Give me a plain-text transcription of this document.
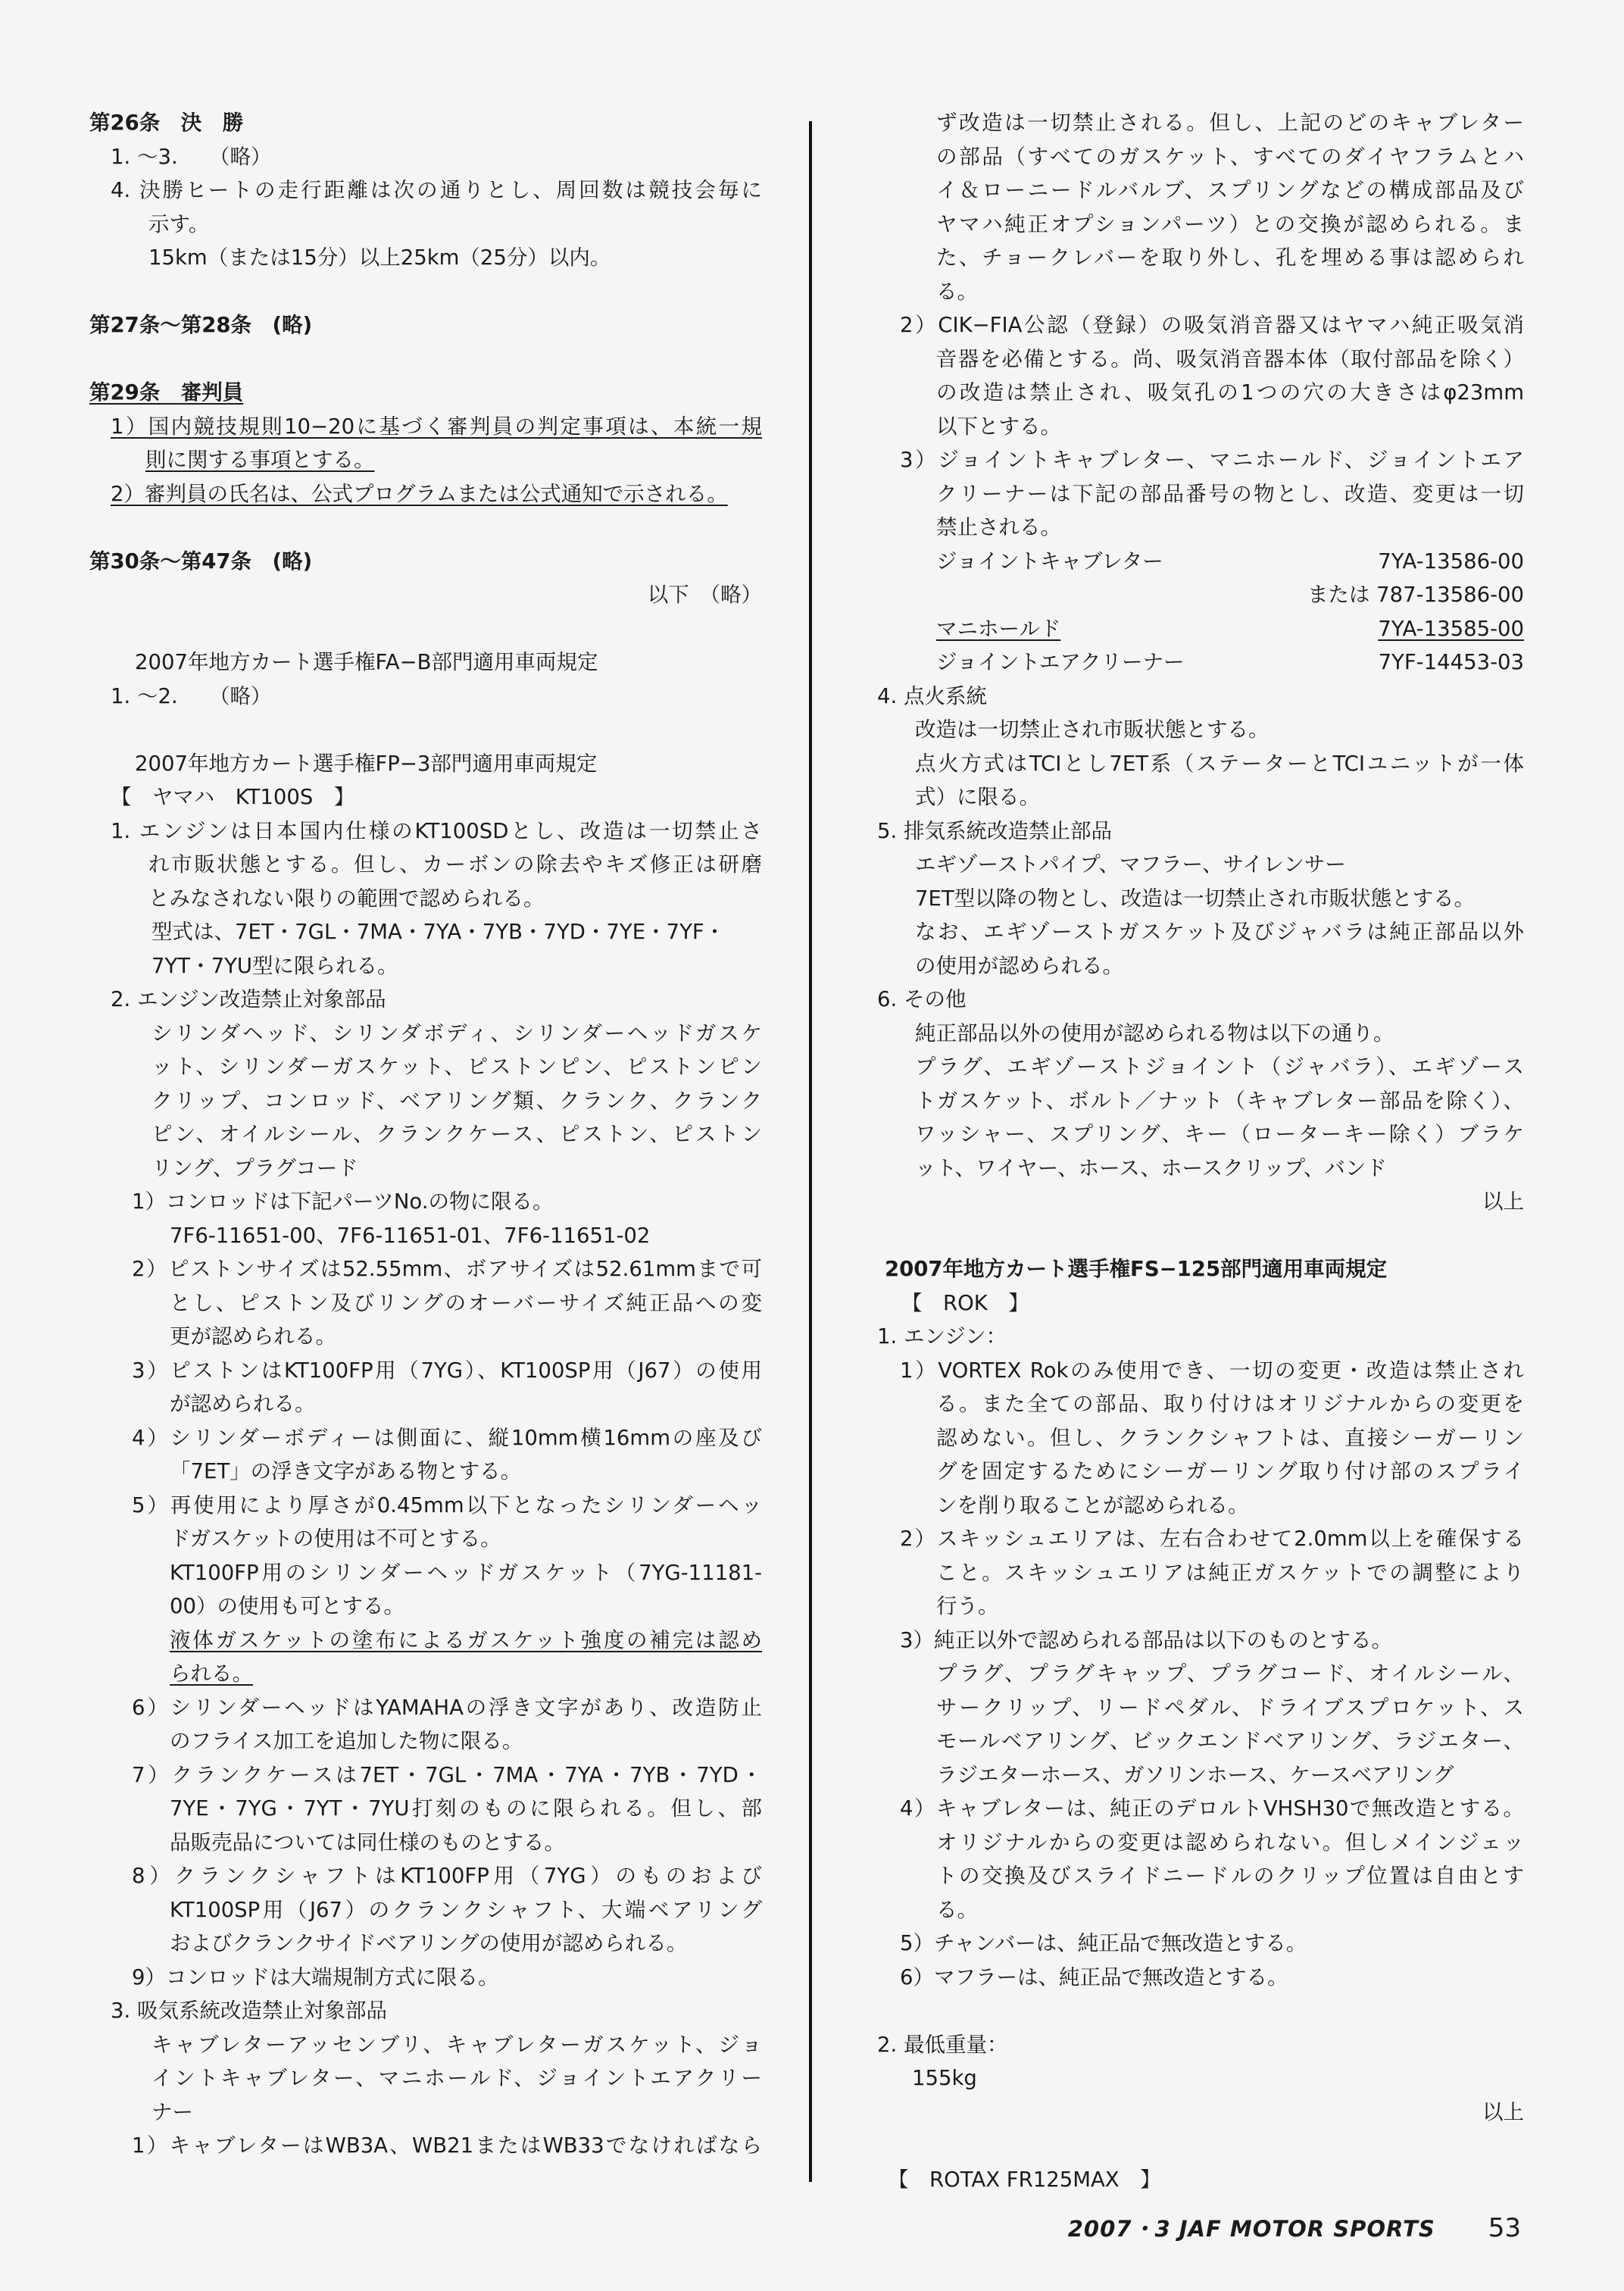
第26条　決　勝
1. 〜3.　　（略）
4. 決勝ヒートの走行距離は次の通りとし、周回数は競技会毎に
示す。
15km（または15分）以上25km（25分）以内。
第27条〜第28条　(略)
第29条　審判員
1）国内競技規則10−20に基づく審判員の判定事項は、本統一規
則に関する事項とする。
2）審判員の氏名は、公式プログラムまたは公式通知で示される。
第30条〜第47条　(略)
以下　（略）
2007年地方カート選手権FA−B部門適用車両規定
1. 〜2.　　（略）
2007年地方カート選手権FP−3部門適用車両規定
【　ヤマハ　KT100S　】
1. エンジンは日本国内仕様のKT100SDとし、改造は一切禁止さ
れ市販状態とする。但し、カーボンの除去やキズ修正は研磨
とみなされない限りの範囲で認められる。
型式は、7ET・7GL・7MA・7YA・7YB・7YD・7YE・7YF・
7YT・7YU型に限られる。
2. エンジン改造禁止対象部品
シリンダヘッド、シリンダボディ、シリンダーヘッドガスケ
ット、シリンダーガスケット、ピストンピン、ピストンピン
クリップ、コンロッド、ベアリング類、クランク、クランク
ピン、オイルシール、クランクケース、ピストン、ピストン
リング、プラグコード
1）コンロッドは下記パーツNo.の物に限る。
7F6-11651-00、7F6-11651-01、7F6-11651-02
2）ピストンサイズは52.55mm、ボアサイズは52.61mmまで可
とし、ピストン及びリングのオーバーサイズ純正品への変
更が認められる。
3）ピストンはKT100FP用（7YG）、KT100SP用（J67）の使用
が認められる。
4）シリンダーボディーは側面に、縦10mm横16mmの座及び
「7ET」の浮き文字がある物とする。
5）再使用により厚さが0.45mm以下となったシリンダーヘッ
ドガスケットの使用は不可とする。
KT100FP用のシリンダーヘッドガスケット（7YG-11181-
00）の使用も可とする。
液体ガスケットの塗布によるガスケット強度の補完は認め
られる。
6）シリンダーヘッドはYAMAHAの浮き文字があり、改造防止
のフライス加工を追加した物に限る。
7）クランクケースは7ET・7GL・7MA・7YA・7YB・7YD・
7YE・7YG・7YT・7YU打刻のものに限られる。但し、部
品販売品については同仕様のものとする。
8）クランクシャフトはKT100FP用（7YG）のものおよび
KT100SP用（J67）のクランクシャフト、大端ベアリング
およびクランクサイドベアリングの使用が認められる。
9）コンロッドは大端規制方式に限る。
3. 吸気系統改造禁止対象部品
キャブレターアッセンブリ、キャブレターガスケット、ジョ
イントキャブレター、マニホールド、ジョイントエアクリー
ナー
1）キャブレターはWB3A、WB21またはWB33でなければなら
ず改造は一切禁止される。但し、上記のどのキャブレター
の部品（すべてのガスケット、すべてのダイヤフラムとハ
イ＆ローニードルバルブ、スプリングなどの構成部品及び
ヤマハ純正オプションパーツ）との交換が認められる。ま
た、チョークレバーを取り外し、孔を埋める事は認められ
る。
2）CIK−FIA公認（登録）の吸気消音器又はヤマハ純正吸気消
音器を必備とする。尚、吸気消音器本体（取付部品を除く）
の改造は禁止され、吸気孔の1つの穴の大きさはφ23mm
以下とする。
3）ジョイントキャブレター、マニホールド、ジョイントエア
クリーナーは下記の部品番号の物とし、改造、変更は一切
禁止される。
ジョイントキャブレター	7YA-13586-00
または 787-13586-00
マニホールド	7YA-13585-00
ジョイントエアクリーナー	7YF-14453-03
4. 点火系統
改造は一切禁止され市販状態とする。
点火方式はTCIとし7ET系（ステーターとTCIユニットが一体
式）に限る。
5. 排気系統改造禁止部品
エギゾーストパイプ、マフラー、サイレンサー
7ET型以降の物とし、改造は一切禁止され市販状態とする。
なお、エギゾーストガスケット及びジャバラは純正部品以外
の使用が認められる。
6. その他
純正部品以外の使用が認められる物は以下の通り。
プラグ、エギゾーストジョイント（ジャバラ）、エギゾース
トガスケット、ボルト／ナット（キャブレター部品を除く）、
ワッシャー、スプリング、キー（ローターキー除く）ブラケ
ット、ワイヤー、ホース、ホースクリップ、バンド
以上
2007年地方カート選手権FS−125部門適用車両規定
【　ROK　】
1. エンジン：
1）VORTEX Rokのみ使用でき、一切の変更・改造は禁止され
る。また全ての部品、取り付けはオリジナルからの変更を
認めない。但し、クランクシャフトは、直接シーガーリン
グを固定するためにシーガーリング取り付け部のスプライ
ンを削り取ることが認められる。
2）スキッシュエリアは、左右合わせて2.0mm以上を確保する
こと。スキッシュエリアは純正ガスケットでの調整により
行う。
3）純正以外で認められる部品は以下のものとする。
プラグ、プラグキャップ、プラグコード、オイルシール、
サークリップ、リードペダル、ドライブスプロケット、ス
モールベアリング、ビックエンドベアリング、ラジエター、
ラジエターホース、ガソリンホース、ケースベアリング
4）キャブレターは、純正のデロルトVHSH30で無改造とする。
オリジナルからの変更は認められない。但しメインジェッ
トの交換及びスライドニードルのクリップ位置は自由とす
る。
5）チャンバーは、純正品で無改造とする。
6）マフラーは、純正品で無改造とする。
2. 最低重量：
155kg
以上
【　ROTAX FR125MAX　】
2007・3 JAF MOTOR SPORTS 53
